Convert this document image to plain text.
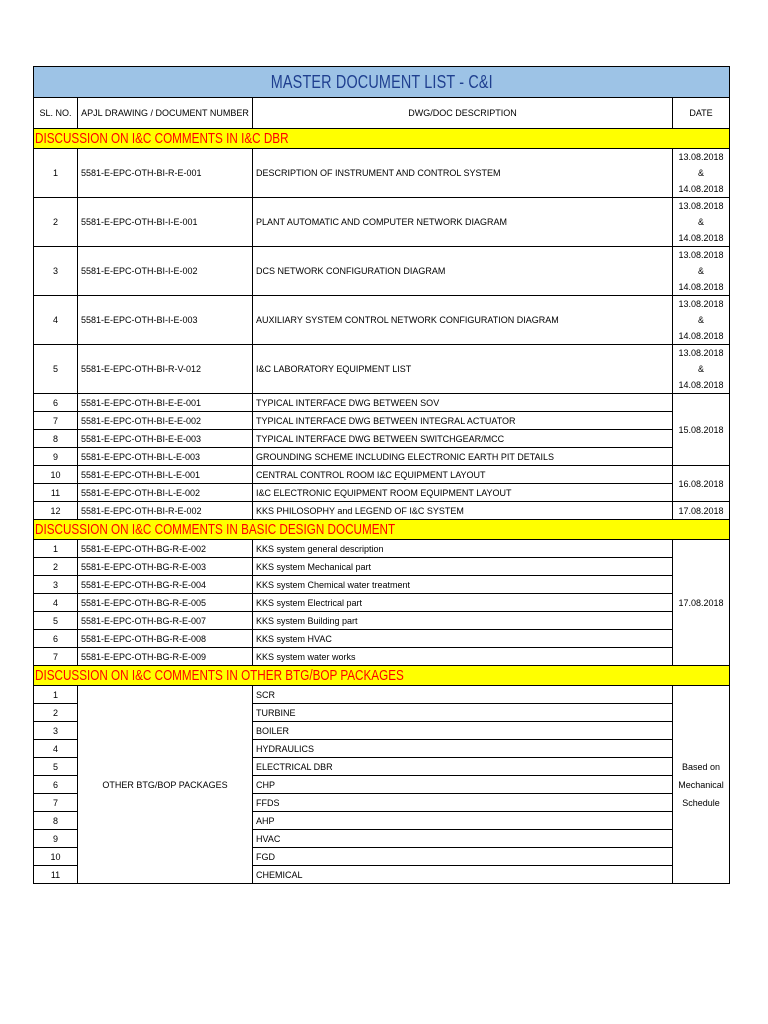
MASTER DOCUMENT LIST - C&I			
SL. NO.	APJL DRAWING / DOCUMENT NUMBER	DWG/DOC DESCRIPTION	DATE
DISCUSSION ON I&C COMMENTS IN I&C DBR			
1	5581-E-EPC-OTH-BI-R-E-001	DESCRIPTION OF INSTRUMENT AND CONTROL SYSTEM	13.08.2018 & 14.08.2018
2	5581-E-EPC-OTH-BI-I-E-001	PLANT AUTOMATIC AND COMPUTER NETWORK DIAGRAM	13.08.2018 & 14.08.2018
3	5581-E-EPC-OTH-BI-I-E-002	DCS NETWORK CONFIGURATION DIAGRAM	13.08.2018 & 14.08.2018
4	5581-E-EPC-OTH-BI-I-E-003	AUXILIARY SYSTEM CONTROL NETWORK CONFIGURATION DIAGRAM	13.08.2018 & 14.08.2018
5	5581-E-EPC-OTH-BI-R-V-012	I&C LABORATORY EQUIPMENT LIST	13.08.2018 & 14.08.2018
6	5581-E-EPC-OTH-BI-E-E-001	TYPICAL INTERFACE DWG BETWEEN SOV	15.08.2018
7	5581-E-EPC-OTH-BI-E-E-002	TYPICAL INTERFACE DWG BETWEEN INTEGRAL ACTUATOR	
8	5581-E-EPC-OTH-BI-E-E-003	TYPICAL INTERFACE DWG BETWEEN SWITCHGEAR/MCC	
9	5581-E-EPC-OTH-BI-L-E-003	GROUNDING SCHEME INCLUDING ELECTRONIC EARTH PIT DETAILS	
10	5581-E-EPC-OTH-BI-L-E-001	CENTRAL CONTROL ROOM I&C EQUIPMENT LAYOUT	16.08.2018
11	5581-E-EPC-OTH-BI-L-E-002	I&C ELECTRONIC EQUIPMENT ROOM EQUIPMENT LAYOUT	
12	5581-E-EPC-OTH-BI-R-E-002	KKS PHILOSOPHY and LEGEND OF I&C SYSTEM	17.08.2018
DISCUSSION ON I&C COMMENTS IN BASIC DESIGN DOCUMENT			
1	5581-E-EPC-OTH-BG-R-E-002	KKS system general description	17.08.2018
2	5581-E-EPC-OTH-BG-R-E-003	KKS system Mechanical part	
3	5581-E-EPC-OTH-BG-R-E-004	KKS system Chemical water treatment	
4	5581-E-EPC-OTH-BG-R-E-005	KKS system Electrical part	
5	5581-E-EPC-OTH-BG-R-E-007	KKS system Building part	
6	5581-E-EPC-OTH-BG-R-E-008	KKS system HVAC	
7	5581-E-EPC-OTH-BG-R-E-009	KKS system water works	
DISCUSSION ON I&C COMMENTS IN OTHER BTG/BOP PACKAGES			
1	OTHER BTG/BOP PACKAGES	SCR	Based on Mechanical Schedule
2		TURBINE	
3		BOILER	
4		HYDRAULICS	
5		ELECTRICAL DBR	
6		CHP	
7		FFDS	
8		AHP	
9		HVAC	
10		FGD	
11		CHEMICAL	
